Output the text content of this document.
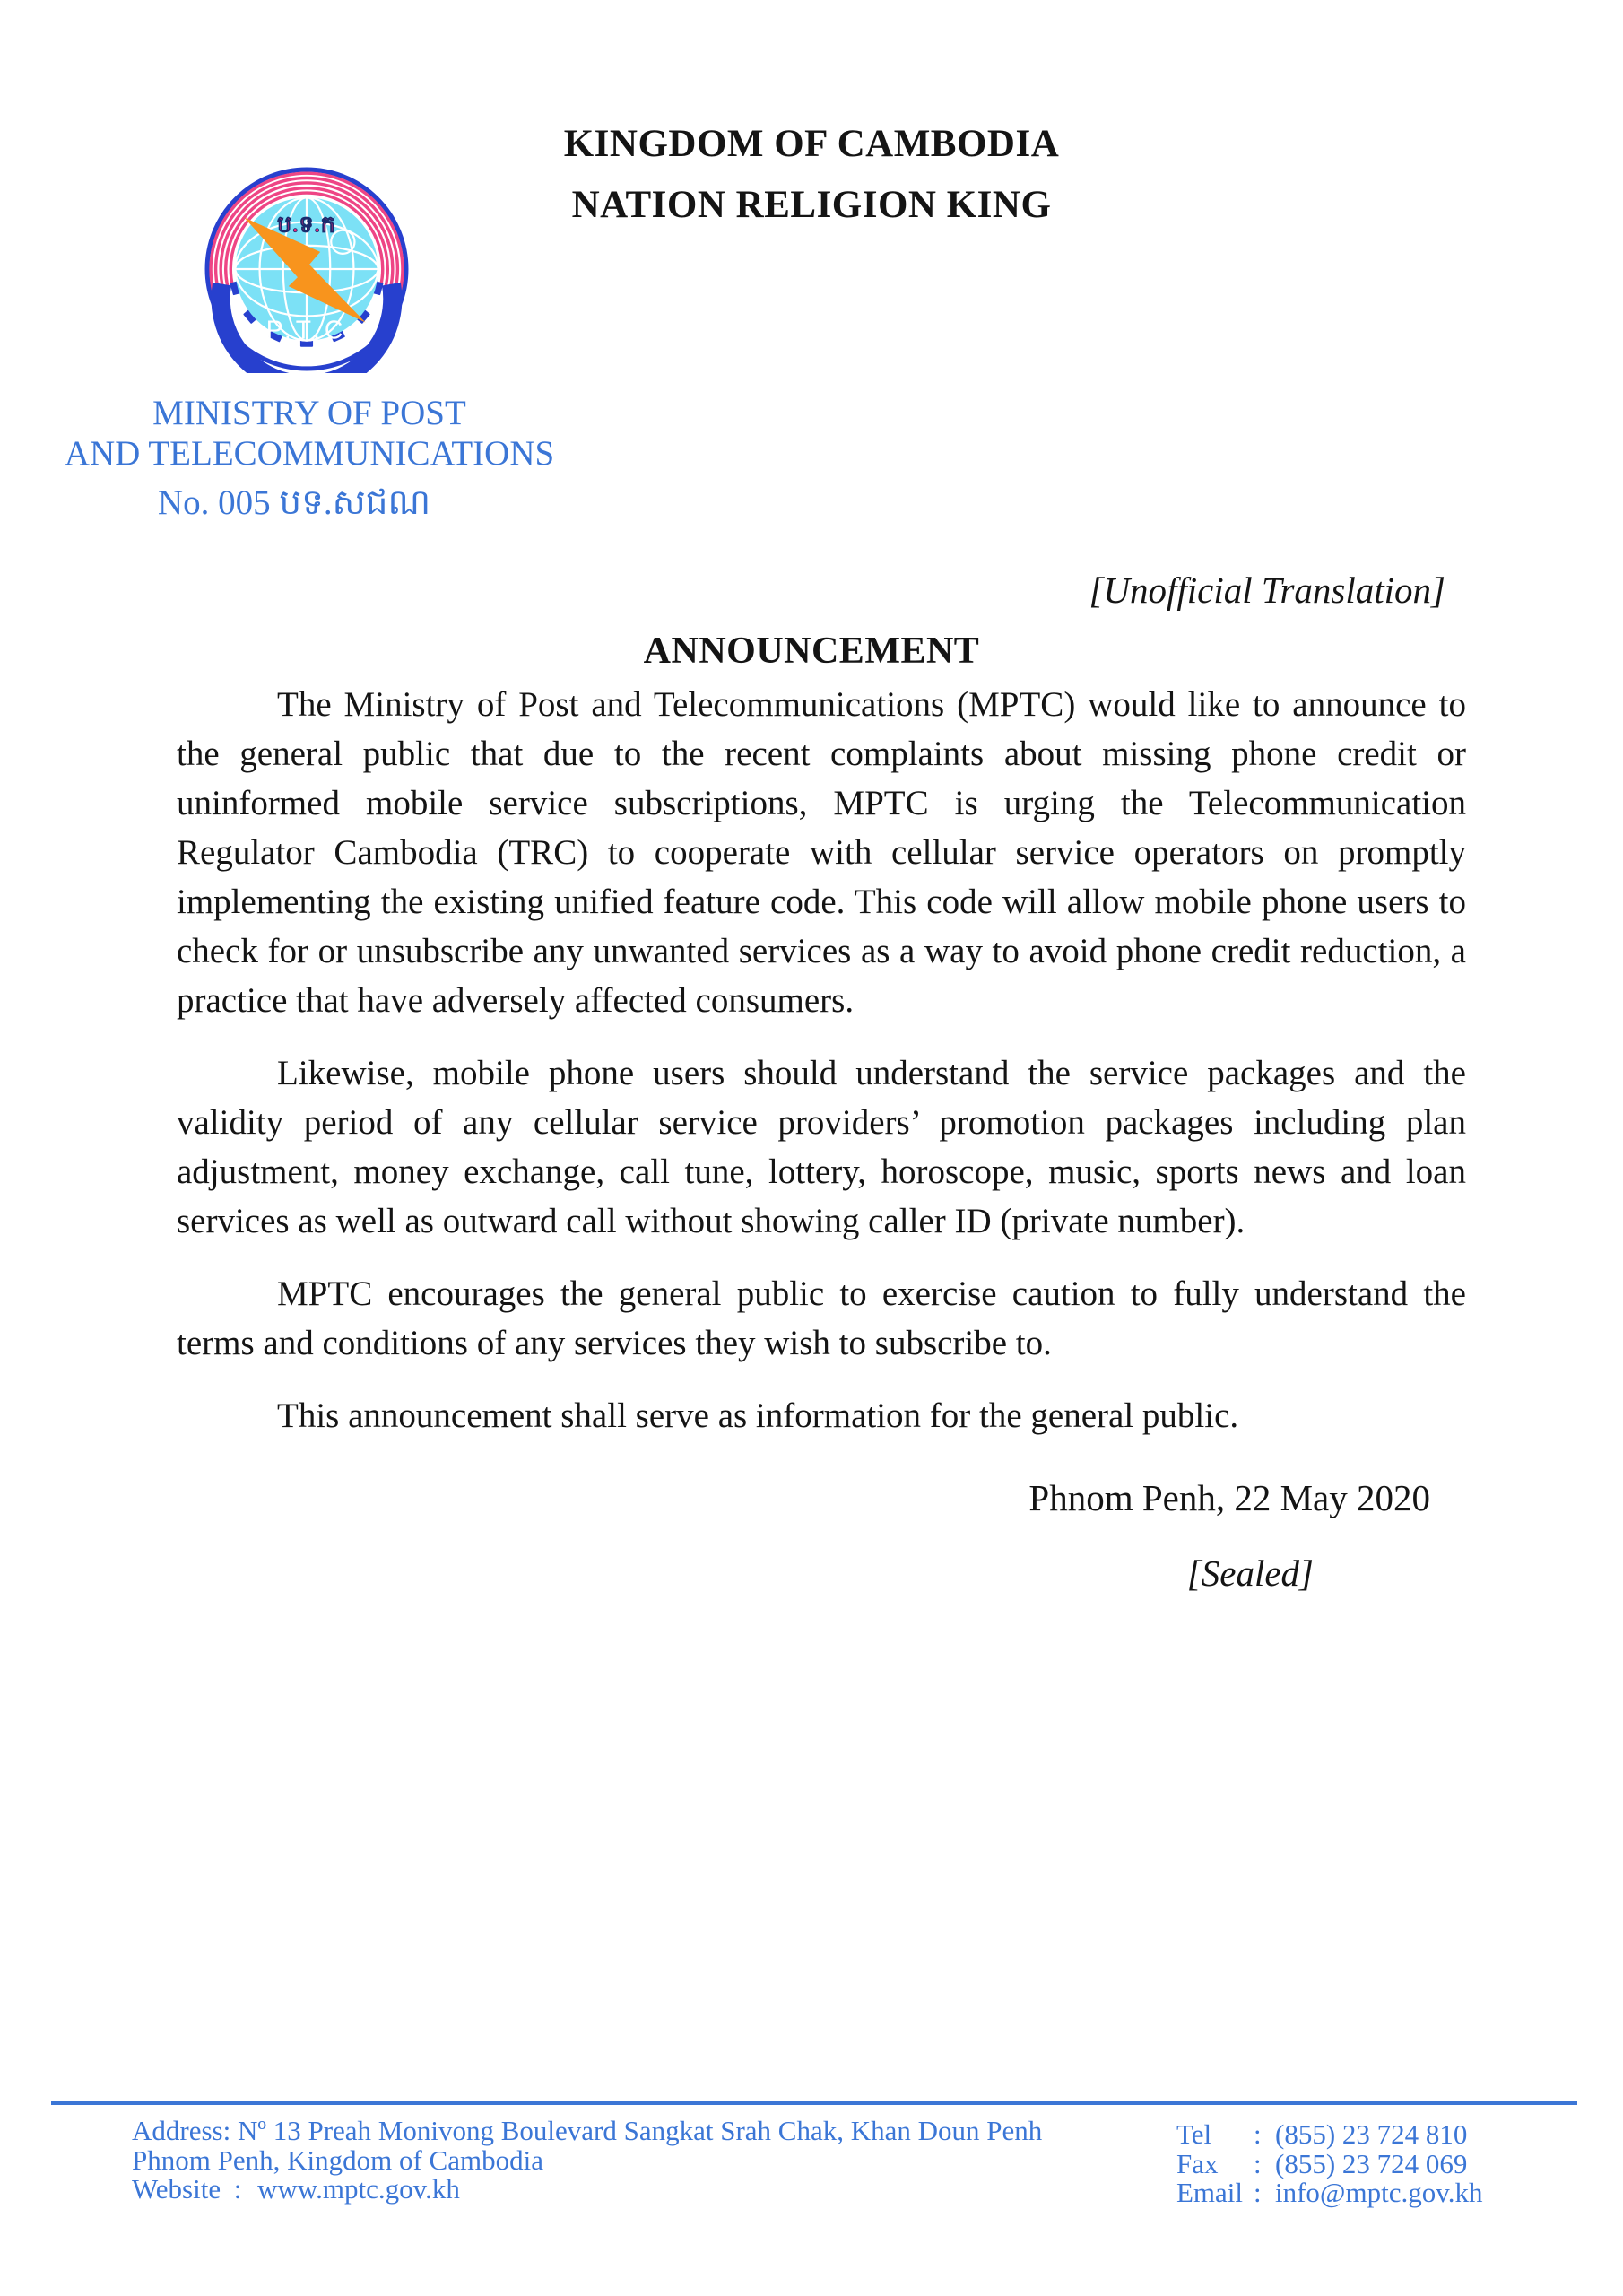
KINGDOM OF CAMBODIA
NATION RELIGION KING
ប.ទ.ក
P.T.C
MINISTRY OF POST
AND TELECOMMUNICATIONS
No. 005 បទ.សជណ
[Unofficial Translation]
ANNOUNCEMENT

The Ministry of Post and Telecommunications (MPTC) would like to announce to the general public that due to the recent complaints about missing phone credit or uninformed mobile service subscriptions, MPTC is urging the Telecommunication Regulator Cambodia (TRC) to cooperate with cellular service operators on promptly implementing the existing unified feature code. This code will allow mobile phone users to check for or unsubscribe any unwanted services as a way to avoid phone credit reduction, a practice that have adversely affected consumers.

Likewise, mobile phone users should understand the service packages and the validity period of any cellular service providers’ promotion packages including plan adjustment, money exchange, call tune, lottery, horoscope, music, sports news and loan services as well as outward call without showing caller ID (private number).

MPTC encourages the general public to exercise caution to fully understand the terms and conditions of any services they wish to subscribe to.

This announcement shall serve as information for the general public.

Phnom Penh, 22 May 2020
[Sealed]
Address: Nº 13 Preah Monivong Boulevard Sangkat Srah Chak, Khan Doun Penh
Phnom Penh, Kingdom of Cambodia
Website : www.mptc.gov.kh
Tel : (855) 23 724 810
Fax : (855) 23 724 069
Email : info@mptc.gov.kh
